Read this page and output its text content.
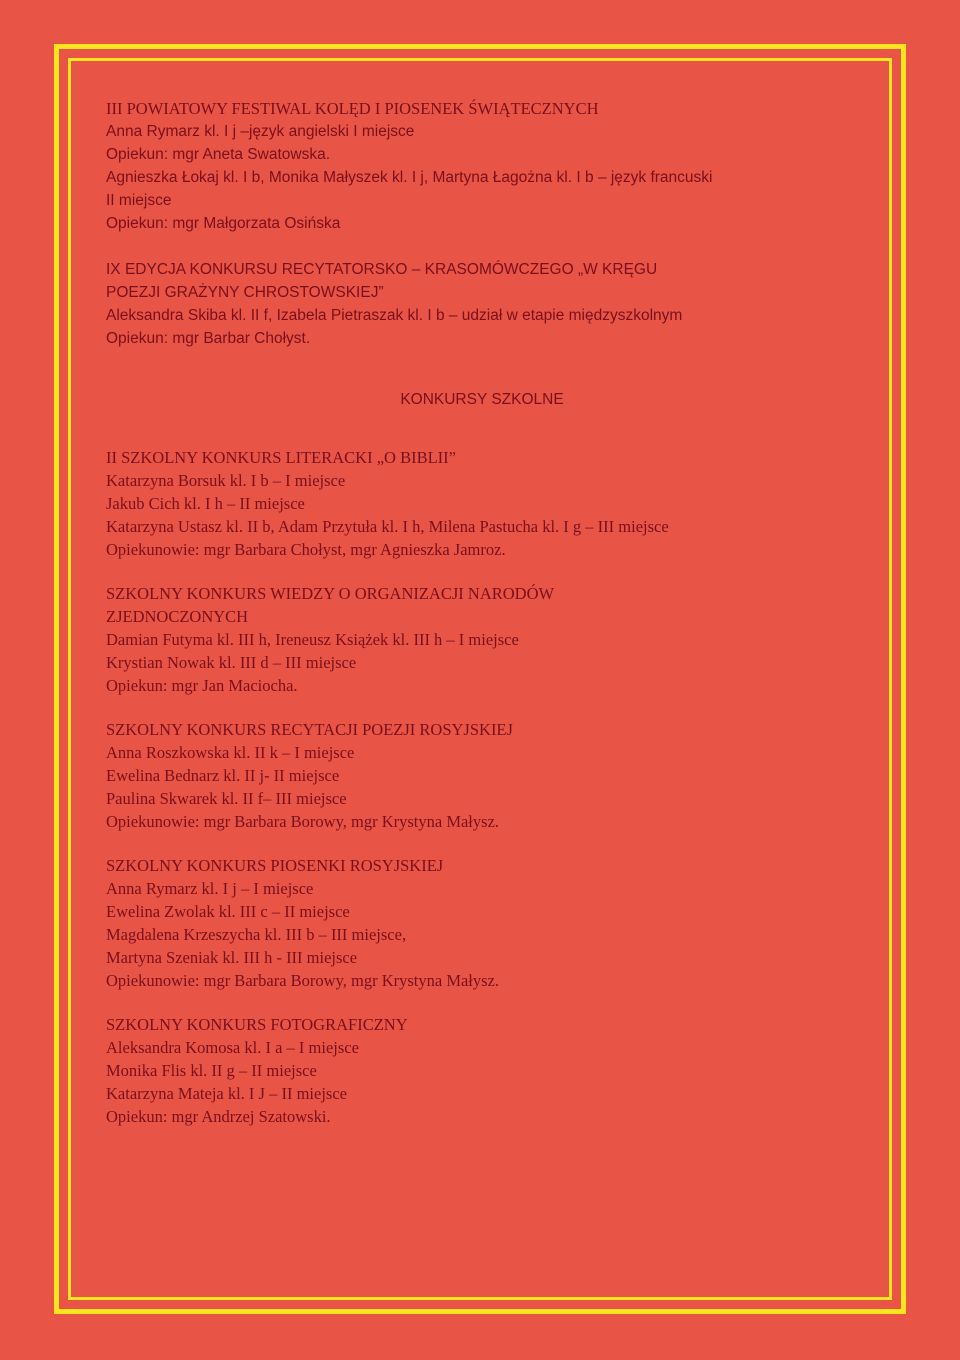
III POWIATOWY FESTIWAL KOLĘD I PIOSENEK ŚWIĄTECZNYCH
Anna Rymarz kl. I j –język angielski I miejsce
Opiekun: mgr Aneta Swatowska.
Agnieszka Łokaj kl. I b, Monika Małyszek kl. I j, Martyna Łagożna kl. I b – język francuski
II miejsce
Opiekun: mgr Małgorzata Osińska
IX EDYCJA KONKURSU RECYTATORSKO – KRASOMÓWCZEGO „W KRĘGU
POEZJI GRAŻYNY CHROSTOWSKIEJ”
Aleksandra Skiba kl. II f, Izabela Pietraszak kl. I b – udział w etapie międzyszkolnym
Opiekun: mgr Barbar Chołyst.
KONKURSY SZKOLNE
II SZKOLNY KONKURS LITERACKI „O BIBLII”
Katarzyna Borsuk kl. I b – I miejsce
Jakub Cich kl. I h – II miejsce
Katarzyna Ustasz kl. II b, Adam Przytuła kl. I h, Milena Pastucha kl. I g – III miejsce
Opiekunowie: mgr Barbara Chołyst, mgr Agnieszka Jamroz.
SZKOLNY KONKURS WIEDZY O ORGANIZACJI NARODÓW
ZJEDNOCZONYCH
Damian Futyma kl. III h, Ireneusz Książek kl. III h – I miejsce
Krystian Nowak kl. III d – III miejsce
Opiekun: mgr Jan Maciocha.
SZKOLNY KONKURS RECYTACJI POEZJI ROSYJSKIEJ
Anna Roszkowska kl. II k – I miejsce
Ewelina Bednarz kl. II j- II miejsce
Paulina Skwarek kl. II f– III miejsce
Opiekunowie: mgr Barbara Borowy, mgr Krystyna Małysz.
SZKOLNY KONKURS PIOSENKI ROSYJSKIEJ
Anna Rymarz kl. I j – I miejsce
Ewelina Zwolak kl. III c – II miejsce
Magdalena Krzeszycha kl. III b – III miejsce,
Martyna Szeniak kl. III h - III miejsce
Opiekunowie: mgr Barbara Borowy, mgr Krystyna Małysz.
SZKOLNY KONKURS FOTOGRAFICZNY
Aleksandra Komosa kl. I a – I miejsce
Monika Flis kl. II g – II miejsce
Katarzyna Mateja kl. I J – II miejsce
Opiekun: mgr Andrzej Szatowski.
